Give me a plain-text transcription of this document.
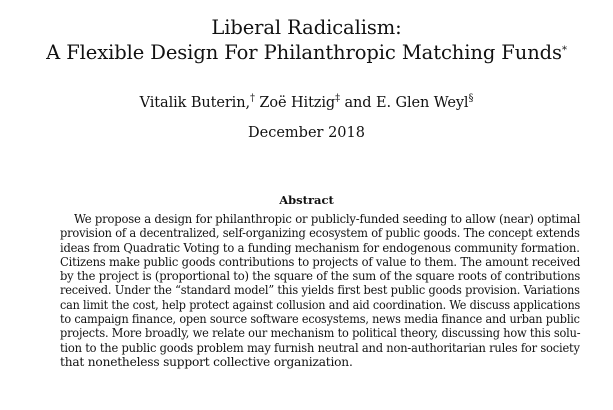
Liberal Radicalism:
A Flexible Design For Philanthropic Matching Funds*
Vitalik Buterin,† Zoë Hitzig‡ and E. Glen Weyl§
December 2018
Abstract
We propose a design for philanthropic or publicly-funded seeding to allow (near) optimal
provision of a decentralized, self-organizing ecosystem of public goods. The concept extends
ideas from Quadratic Voting to a funding mechanism for endogenous community formation.
Citizens make public goods contributions to projects of value to them. The amount received
by the project is (proportional to) the square of the sum of the square roots of contributions
received. Under the “standard model” this yields first best public goods provision. Variations
can limit the cost, help protect against collusion and aid coordination. We discuss applications
to campaign finance, open source software ecosystems, news media finance and urban public
projects. More broadly, we relate our mechanism to political theory, discussing how this solu-
tion to the public goods problem may furnish neutral and non-authoritarian rules for society
that nonetheless support collective organization.
